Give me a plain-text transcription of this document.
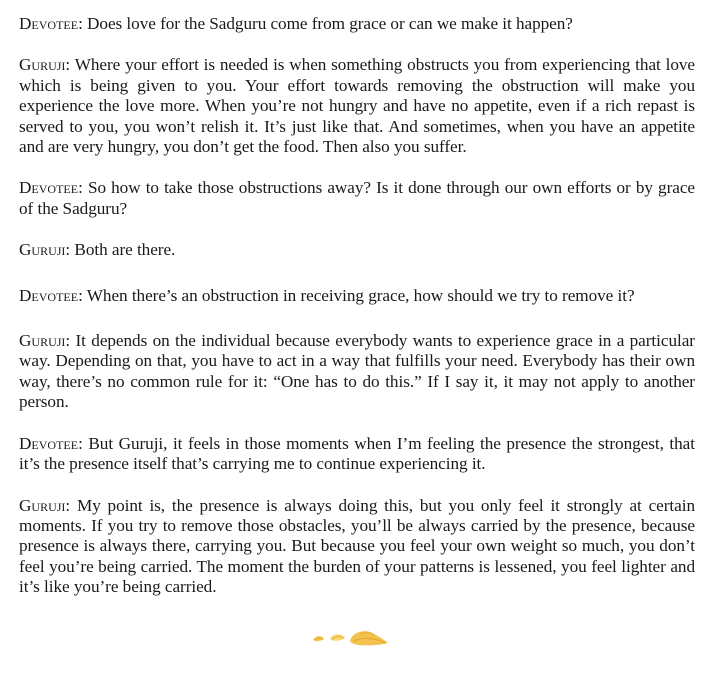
Devotee: Does love for the Sadguru come from grace or can we make it happen?

Guruji: Where your effort is needed is when something obstructs you from experiencing that love which is being given to you. Your effort towards removing the obstruction will make you experience the love more. When you’re not hungry and have no appetite, even if a rich repast is served to you, you won’t relish it. It’s just like that. And sometimes, when you have an appetite and are very hungry, you don’t get the food. Then also you suffer.

Devotee: So how to take those obstructions away? Is it done through our own efforts or by grace of the Sadguru?

Guruji: Both are there.

Devotee: When there’s an obstruction in receiving grace, how should we try to remove it?

Guruji: It depends on the individual because everybody wants to experience grace in a particular way. Depending on that, you have to act in a way that fulfills your need. Everybody has their own way, there’s no common rule for it: “One has to do this.” If I say it, it may not apply to another person.

Devotee: But Guruji, it feels in those moments when I’m feeling the presence the strongest, that it’s the presence itself that’s carrying me to continue experiencing it.

Guruji: My point is, the presence is always doing this, but you only feel it strongly at certain moments. If you try to remove those obstacles, you’ll be always carried by the presence, because presence is always there, carrying you. But because you feel your own weight so much, you don’t feel you’re being carried. The moment the burden of your patterns is lessened, you feel lighter and it’s like you’re being carried.
